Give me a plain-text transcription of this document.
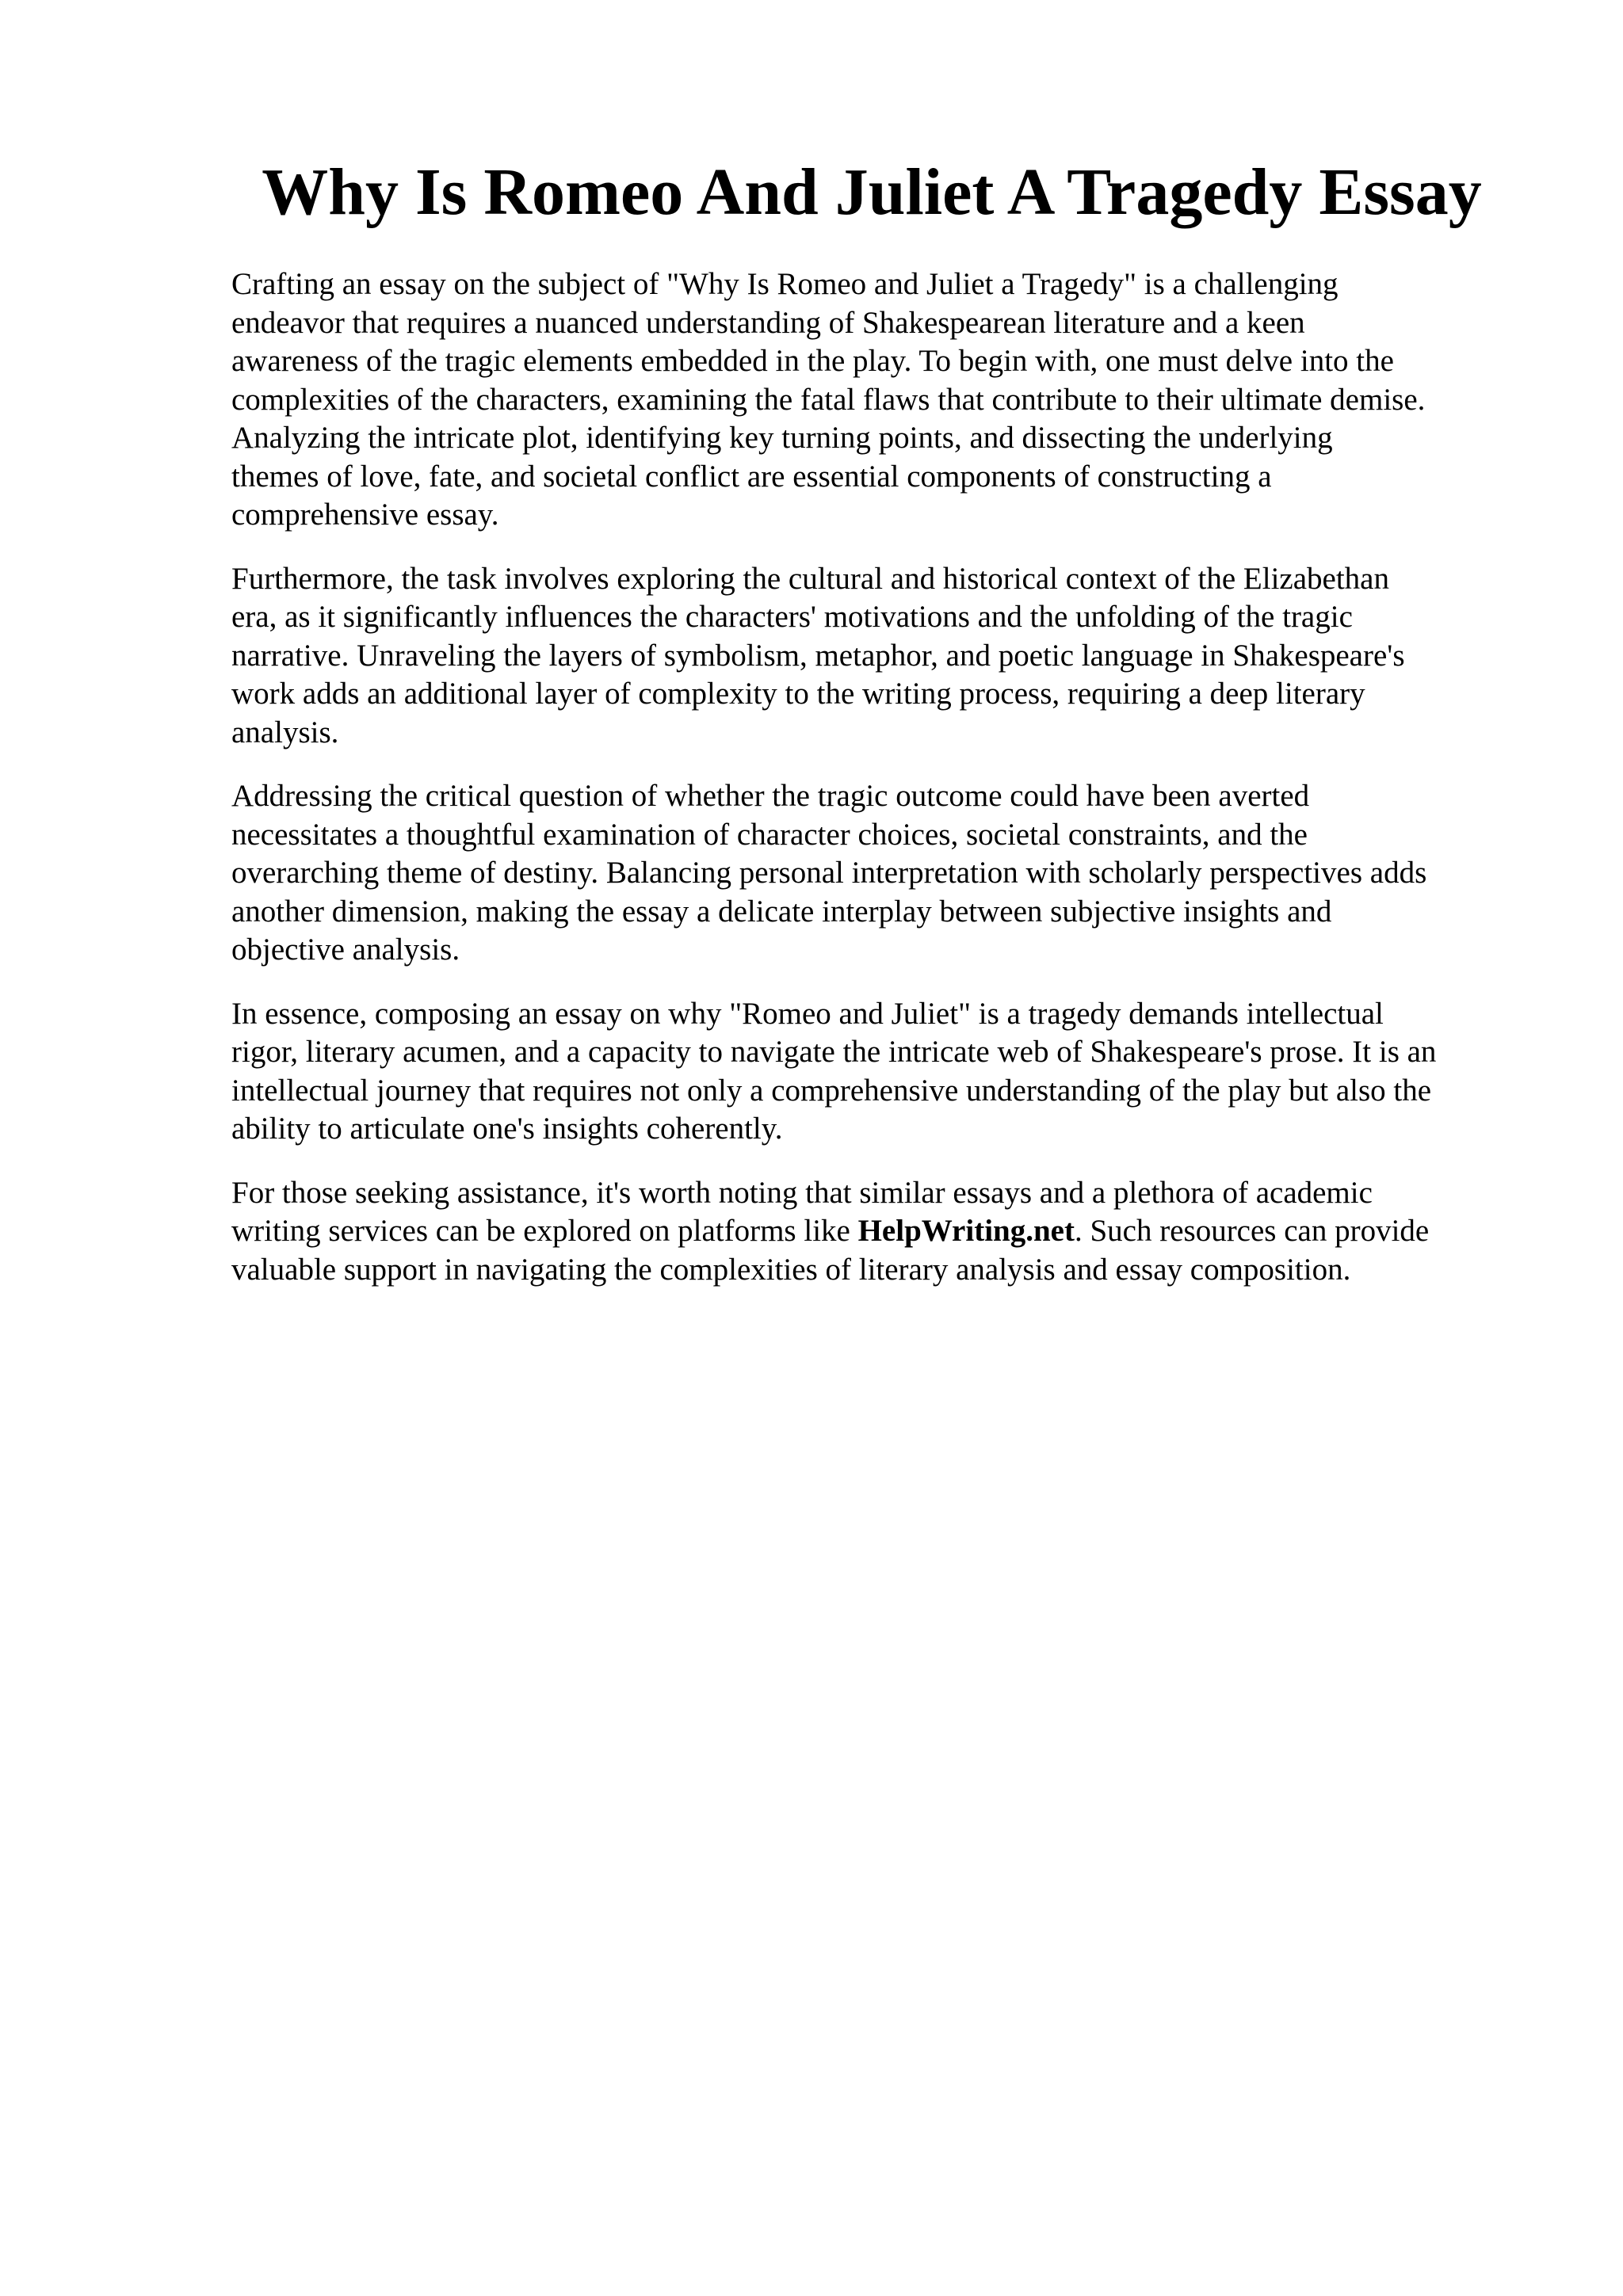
Why Is Romeo And Juliet A Tragedy Essay

Crafting an essay on the subject of "Why Is Romeo and Juliet a Tragedy" is a challenging
endeavor that requires a nuanced understanding of Shakespearean literature and a keen
awareness of the tragic elements embedded in the play. To begin with, one must delve into the
complexities of the characters, examining the fatal flaws that contribute to their ultimate demise.
Analyzing the intricate plot, identifying key turning points, and dissecting the underlying
themes of love, fate, and societal conflict are essential components of constructing a
comprehensive essay.

Furthermore, the task involves exploring the cultural and historical context of the Elizabethan
era, as it significantly influences the characters' motivations and the unfolding of the tragic
narrative. Unraveling the layers of symbolism, metaphor, and poetic language in Shakespeare's
work adds an additional layer of complexity to the writing process, requiring a deep literary
analysis.

Addressing the critical question of whether the tragic outcome could have been averted
necessitates a thoughtful examination of character choices, societal constraints, and the
overarching theme of destiny. Balancing personal interpretation with scholarly perspectives adds
another dimension, making the essay a delicate interplay between subjective insights and
objective analysis.

In essence, composing an essay on why "Romeo and Juliet" is a tragedy demands intellectual
rigor, literary acumen, and a capacity to navigate the intricate web of Shakespeare's prose. It is an
intellectual journey that requires not only a comprehensive understanding of the play but also the
ability to articulate one's insights coherently.

For those seeking assistance, it's worth noting that similar essays and a plethora of academic
writing services can be explored on platforms like HelpWriting.net. Such resources can provide
valuable support in navigating the complexities of literary analysis and essay composition.
